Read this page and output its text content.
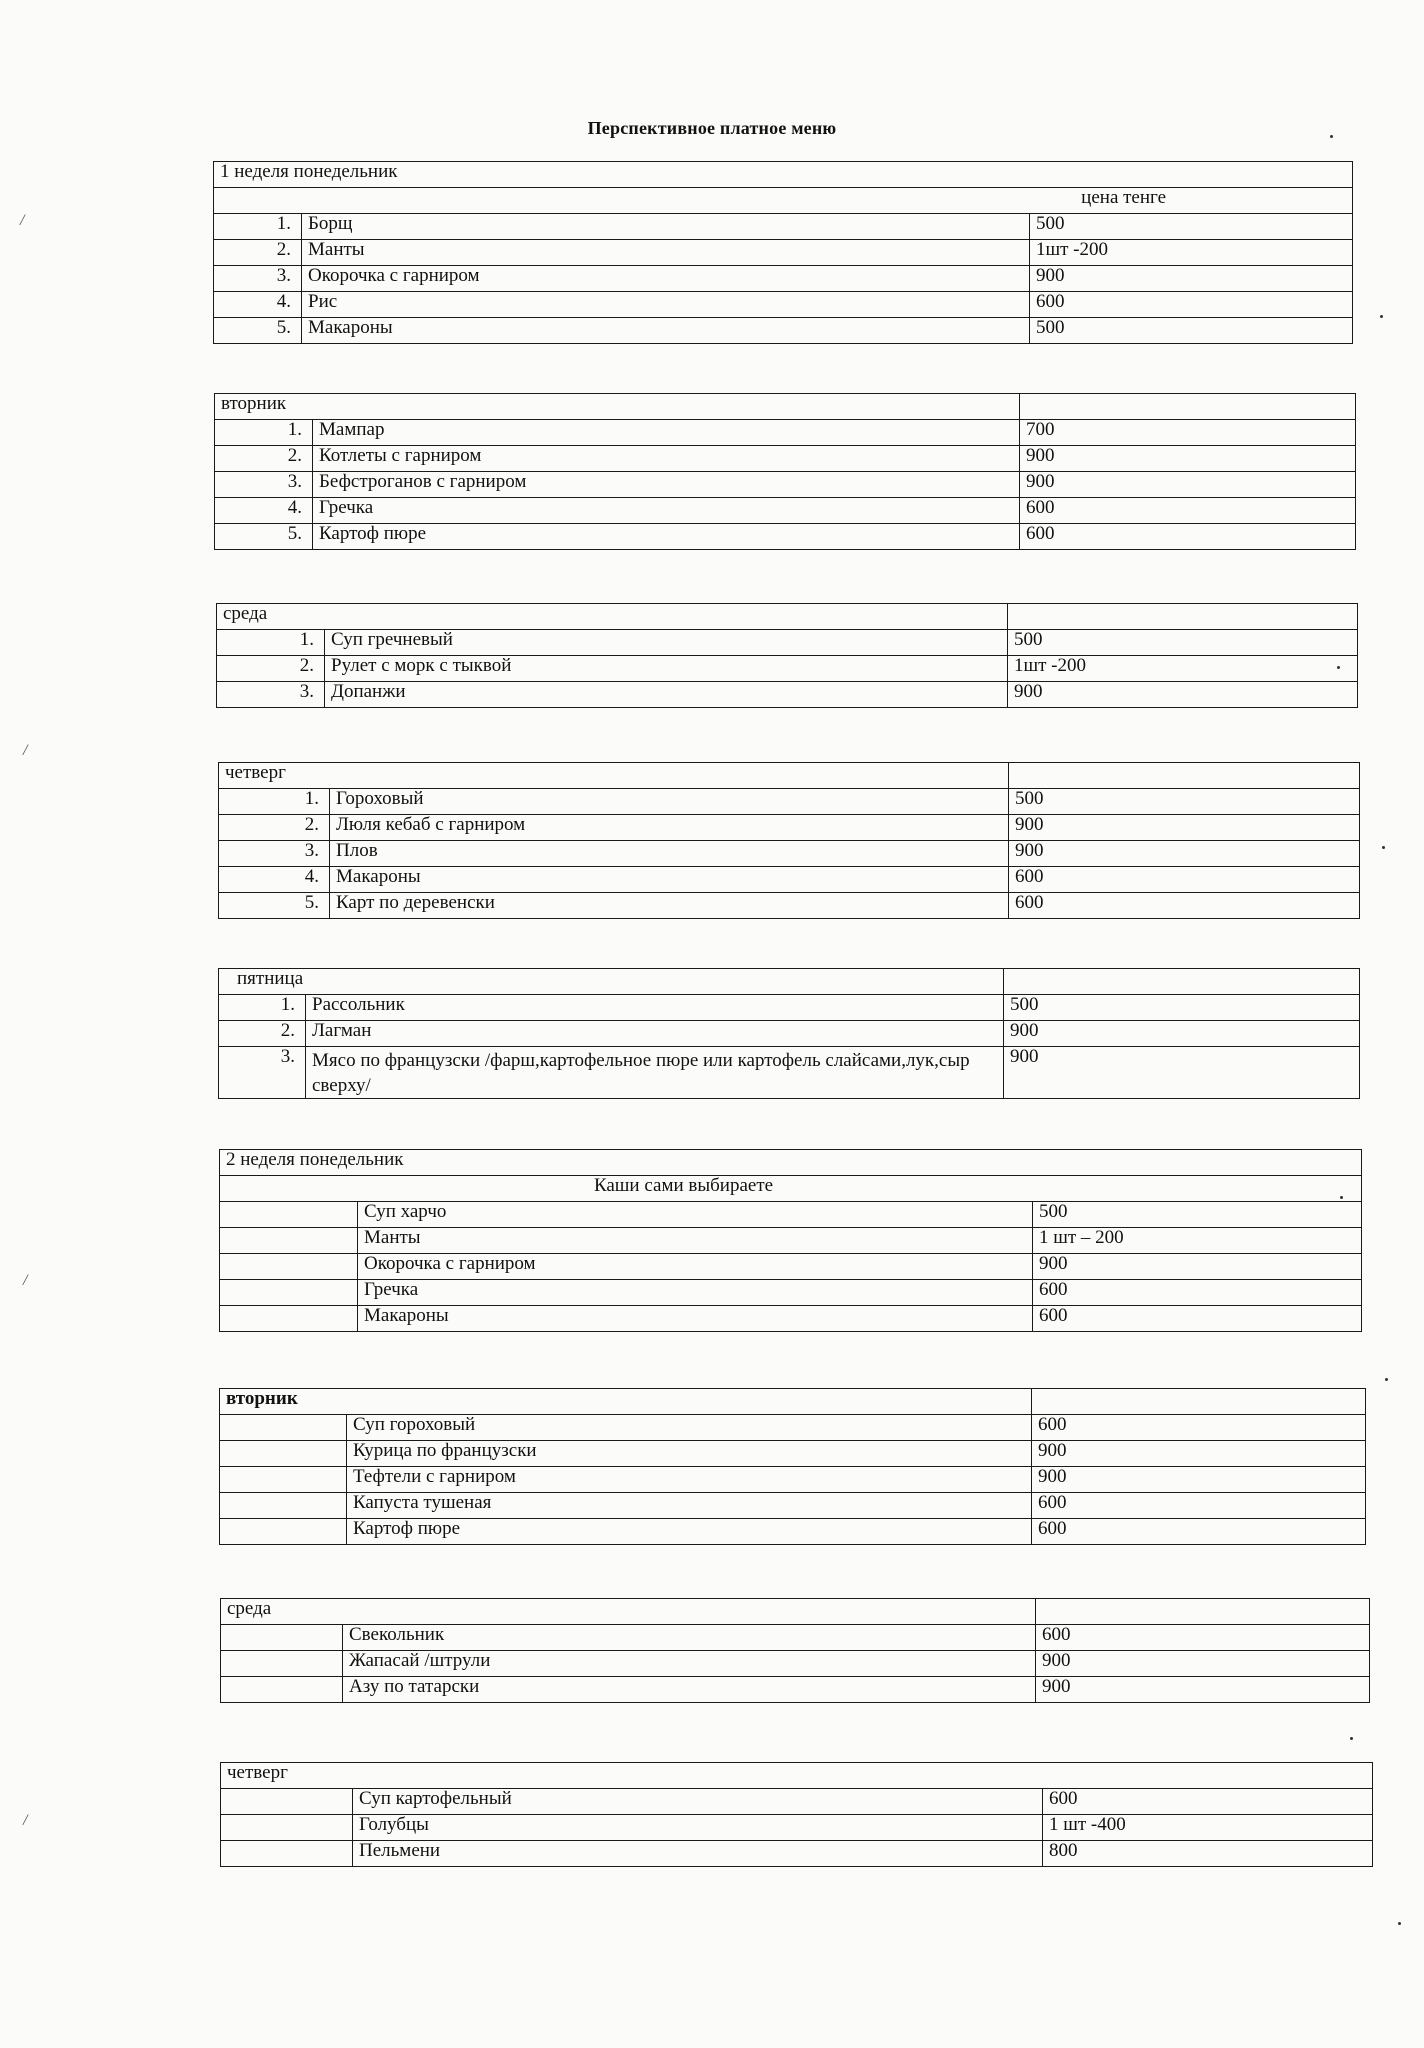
Перспективное платное меню
1 неделя понедельник		
цена тенге		
1.	Борщ	500
2.	Манты	1шт -200
3.	Окорочка с гарниром	900
4.	Рис	600
5.	Макароны	500
вторник		
1.	Мампар	700
2.	Котлеты с гарниром	900
3.	Бефстроганов с гарниром	900
4.	Гречка	600
5.	Картоф пюре	600
среда		
1.	Суп гречневый	500
2.	Рулет с морк с тыквой	1шт -200
3.	Допанжи	900
четверг		
1.	Гороховый	500
2.	Люля кебаб с гарниром	900
3.	Плов	900
4.	Макароны	600
5.	Карт по деревенски	600
пятница		
1.	Рассольник	500
2.	Лагман	900
3.	Мясо по французски /фарш,картофельное пюре или картофель слайсами,лук,сыр сверху/	900
2 неделя понедельник		
Каши сами выбираете		
	Суп харчо	500
	Манты	1 шт – 200
	Окорочка с гарниром	900
	Гречка	600
	Макароны	600
вторник		
	Суп гороховый	600
	Курица по французски	900
	Тефтели с гарниром	900
	Капуста тушеная	600
	Картоф пюре	600
среда		
	Свекольник	600
	Жапасай /штрули	900
	Азу по татарски	900
четверг		
	Суп картофельный	600
	Голубцы	1 шт -400
	Пельмени	800
/
/
/
/
